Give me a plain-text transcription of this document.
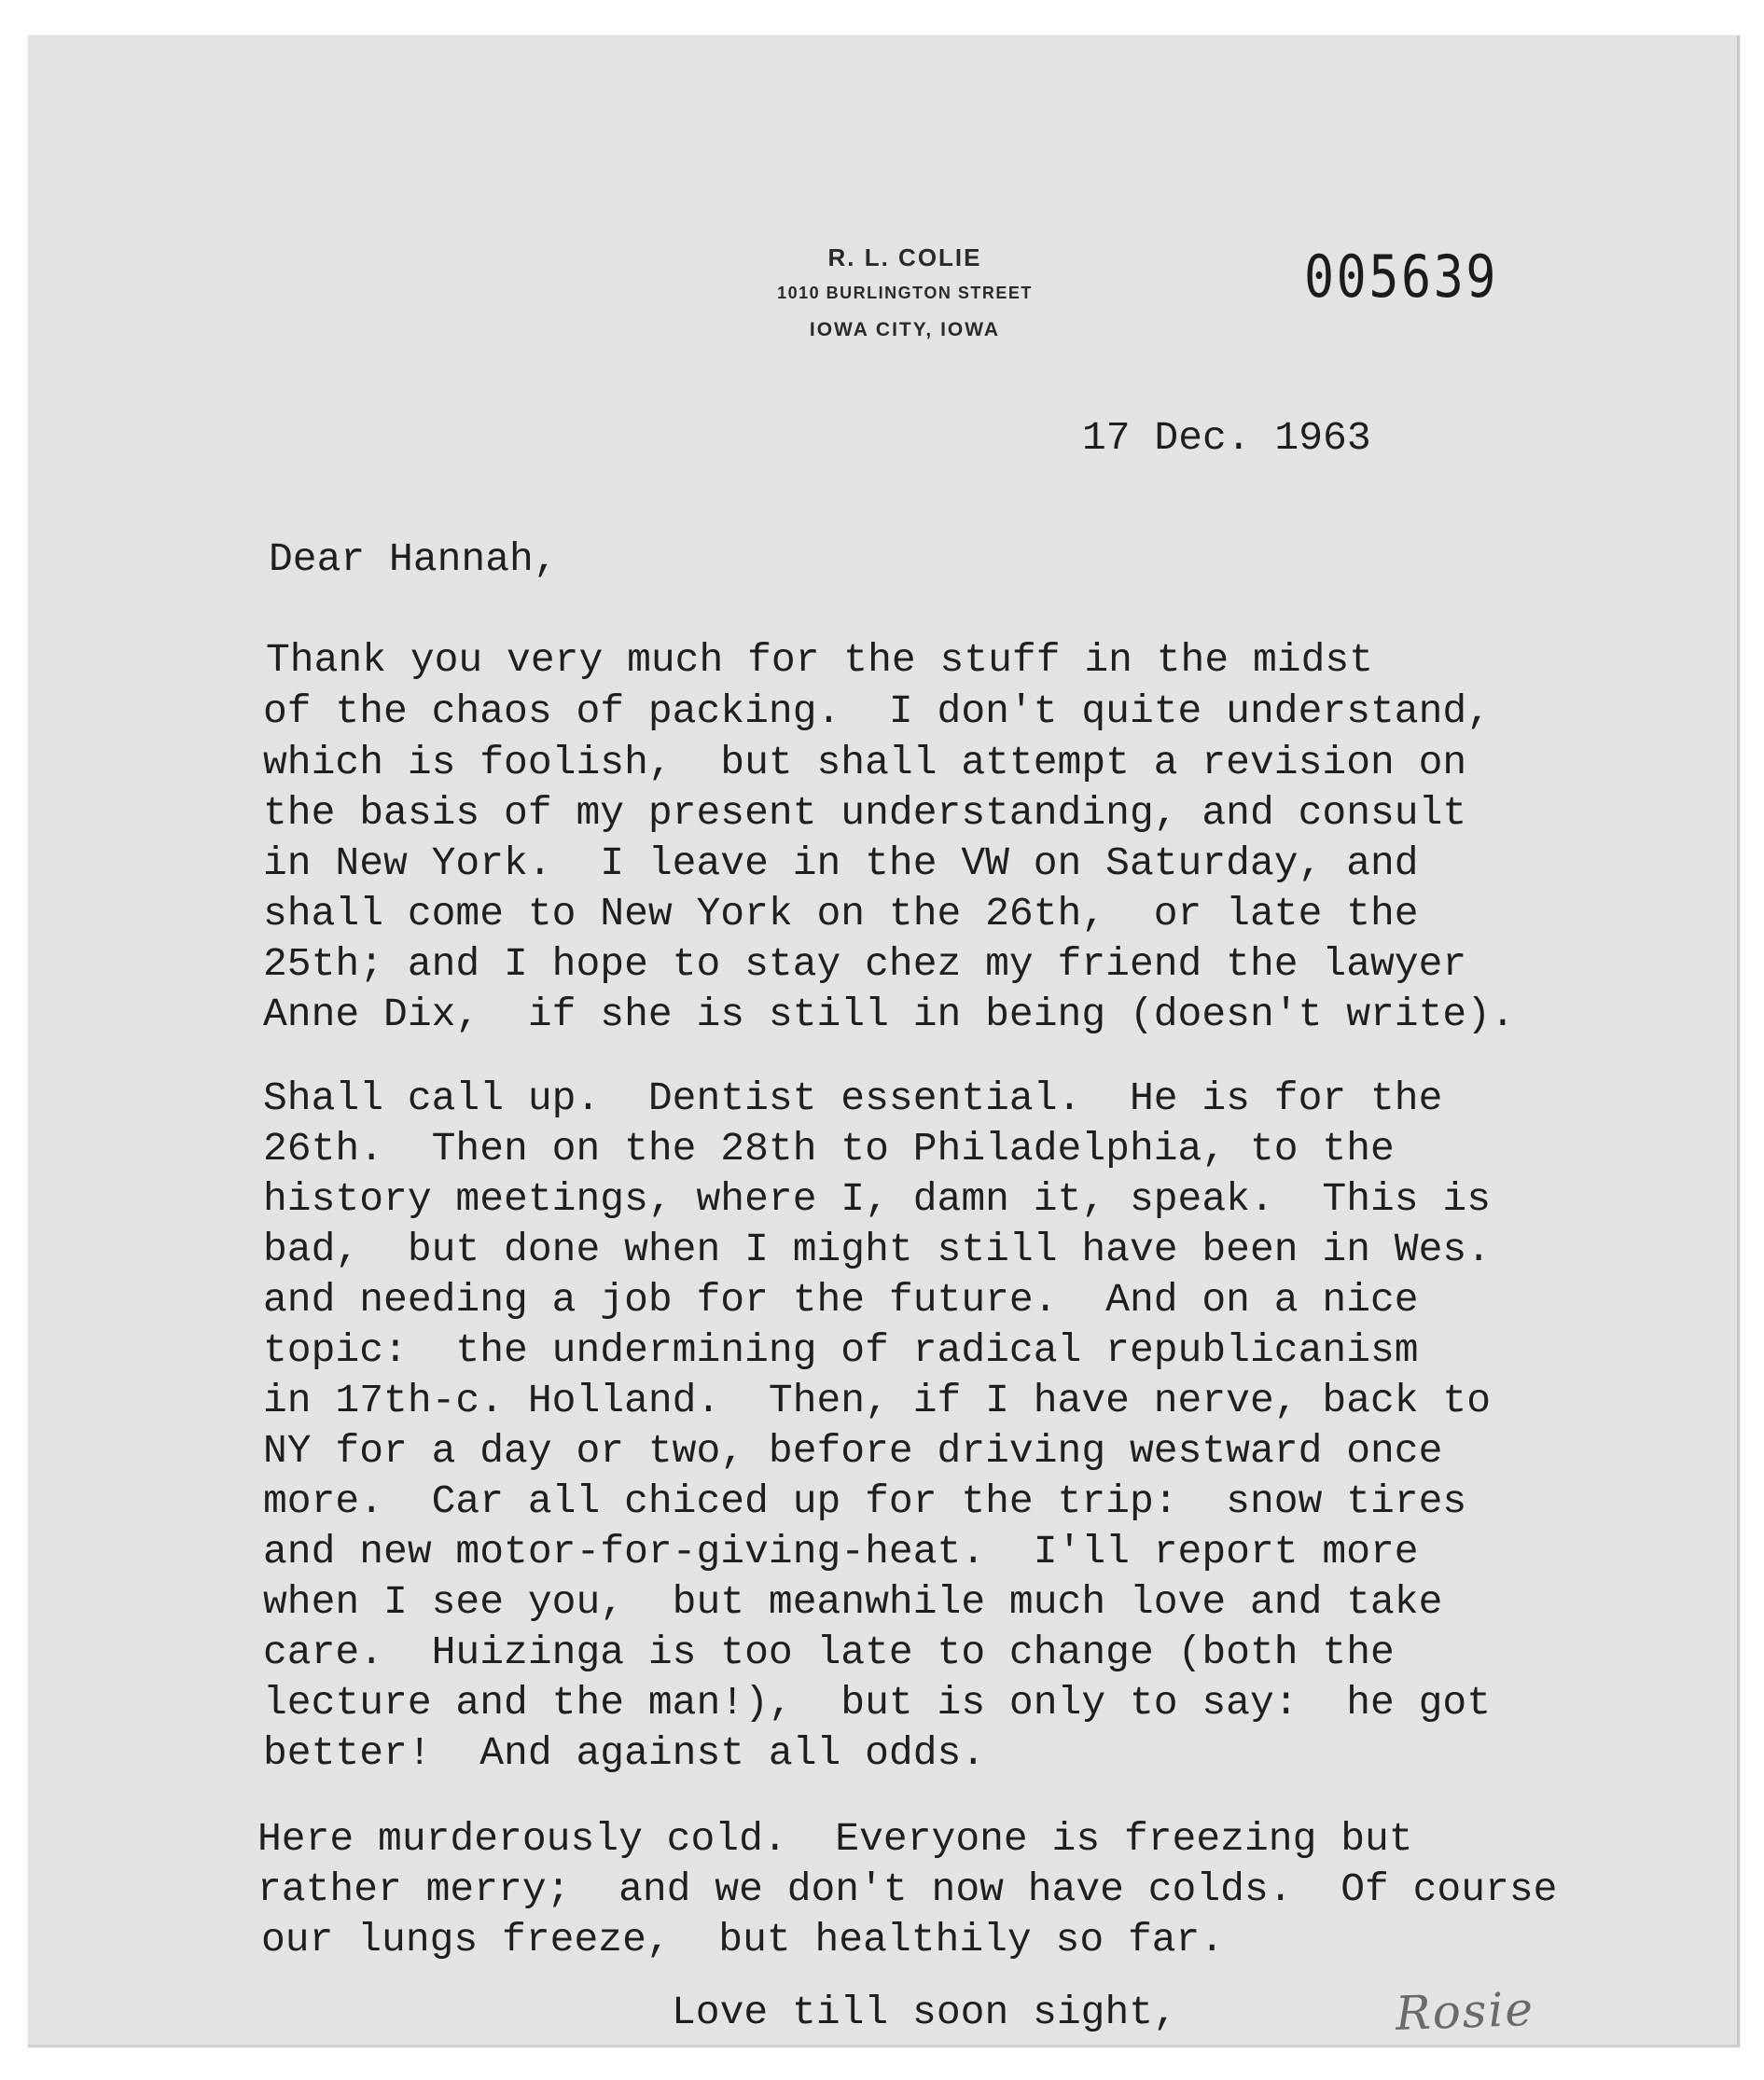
R. L. COLIE
1010 BURLINGTON STREET
IOWA CITY, IOWA
005639
17 Dec. 1963
Dear Hannah,
Thank you very much for the stuff in the midst
of the chaos of packing.  I don't quite understand,
which is foolish,  but shall attempt a revision on
the basis of my present understanding, and consult
in New York.  I leave in the VW on Saturday, and
shall come to New York on the 26th,  or late the
25th; and I hope to stay chez my friend the lawyer
Anne Dix,  if she is still in being (doesn't write).
Shall call up.  Dentist essential.  He is for the
26th.  Then on the 28th to Philadelphia, to the
history meetings, where I, damn it, speak.  This is
bad,  but done when I might still have been in Wes.
and needing a job for the future.  And on a nice
topic:  the undermining of radical republicanism
in 17th-c. Holland.  Then, if I have nerve, back to
NY for a day or two, before driving westward once
more.  Car all chiced up for the trip:  snow tires
and new motor-for-giving-heat.  I'll report more
when I see you,  but meanwhile much love and take
care.  Huizinga is too late to change (both the
lecture and the man!),  but is only to say:  he got
better!  And against all odds.
Here murderously cold.  Everyone is freezing but
rather merry;  and we don't now have colds.  Of course
our lungs freeze,  but healthily so far.
Love till soon sight,	Rosie
